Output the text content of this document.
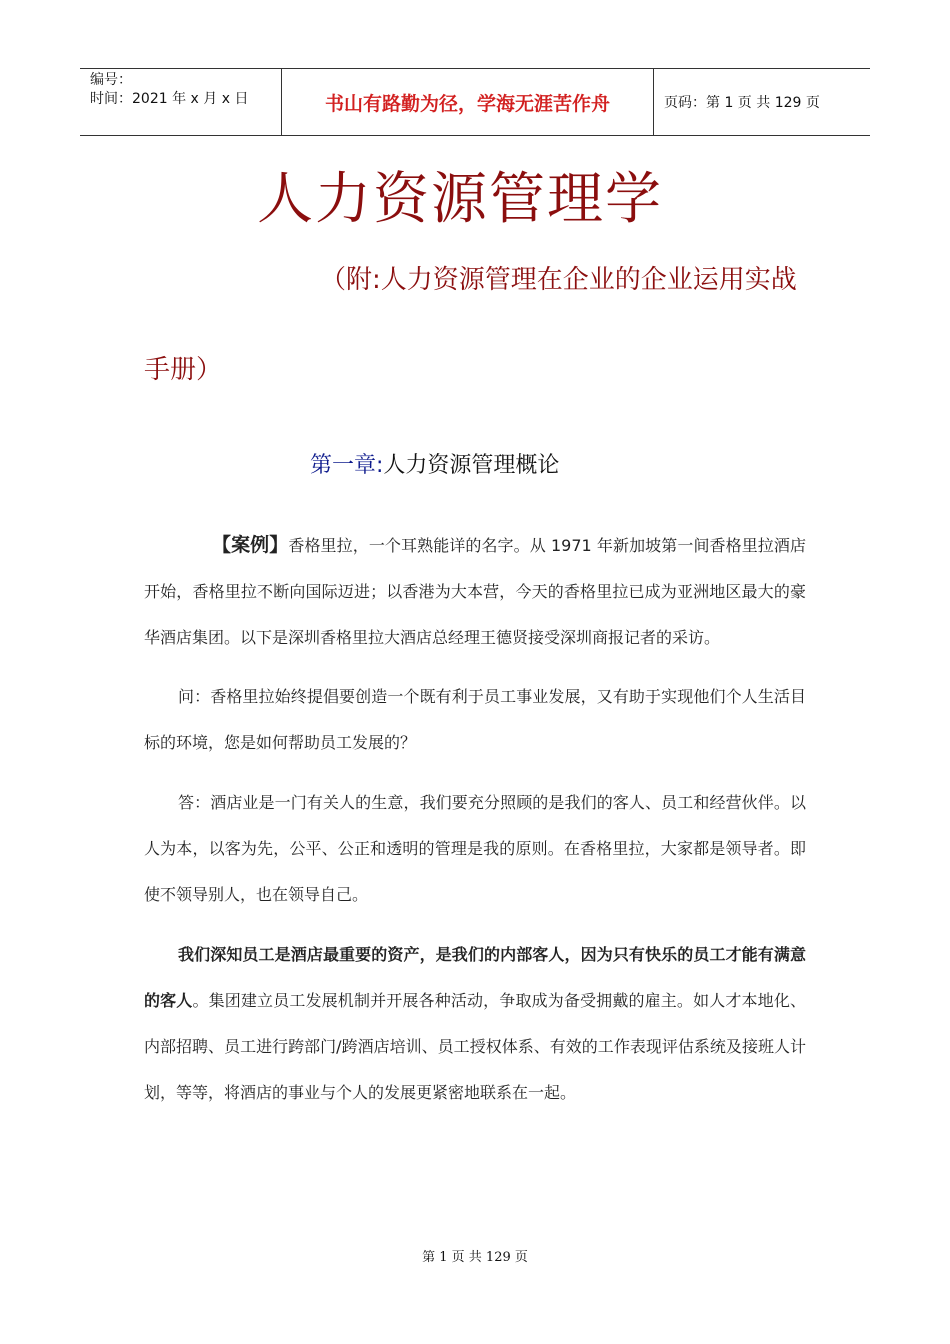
编号：
时间：2021 年 x 月 x 日	书山有路勤为径，学海无涯苦作舟	页码：第 1 页 共 129 页
人力资源管理学
（附:人力资源管理在企业的企业运用实战
手册）
第一章:人力资源管理概论
【案例】香格里拉，一个耳熟能详的名字。从 1971 年新加坡第一间香格里拉酒店开始，香格里拉不断向国际迈进；以香港为大本营，今天的香格里拉已成为亚洲地区最大的豪华酒店集团。以下是深圳香格里拉大酒店总经理王德贤接受深圳商报记者的采访。
问：香格里拉始终提倡要创造一个既有利于员工事业发展，又有助于实现他们个人生活目标的环境，您是如何帮助员工发展的？
答：酒店业是一门有关人的生意，我们要充分照顾的是我们的客人、员工和经营伙伴。以人为本，以客为先，公平、公正和透明的管理是我的原则。在香格里拉，大家都是领导者。即使不领导别人，也在领导自己。
我们深知员工是酒店最重要的资产，是我们的内部客人，因为只有快乐的员工才能有满意的客人。集团建立员工发展机制并开展各种活动，争取成为备受拥戴的雇主。如人才本地化、内部招聘、员工进行跨部门/跨酒店培训、员工授权体系、有效的工作表现评估系统及接班人计划，等等，将酒店的事业与个人的发展更紧密地联系在一起。
第 1 页 共 129 页
